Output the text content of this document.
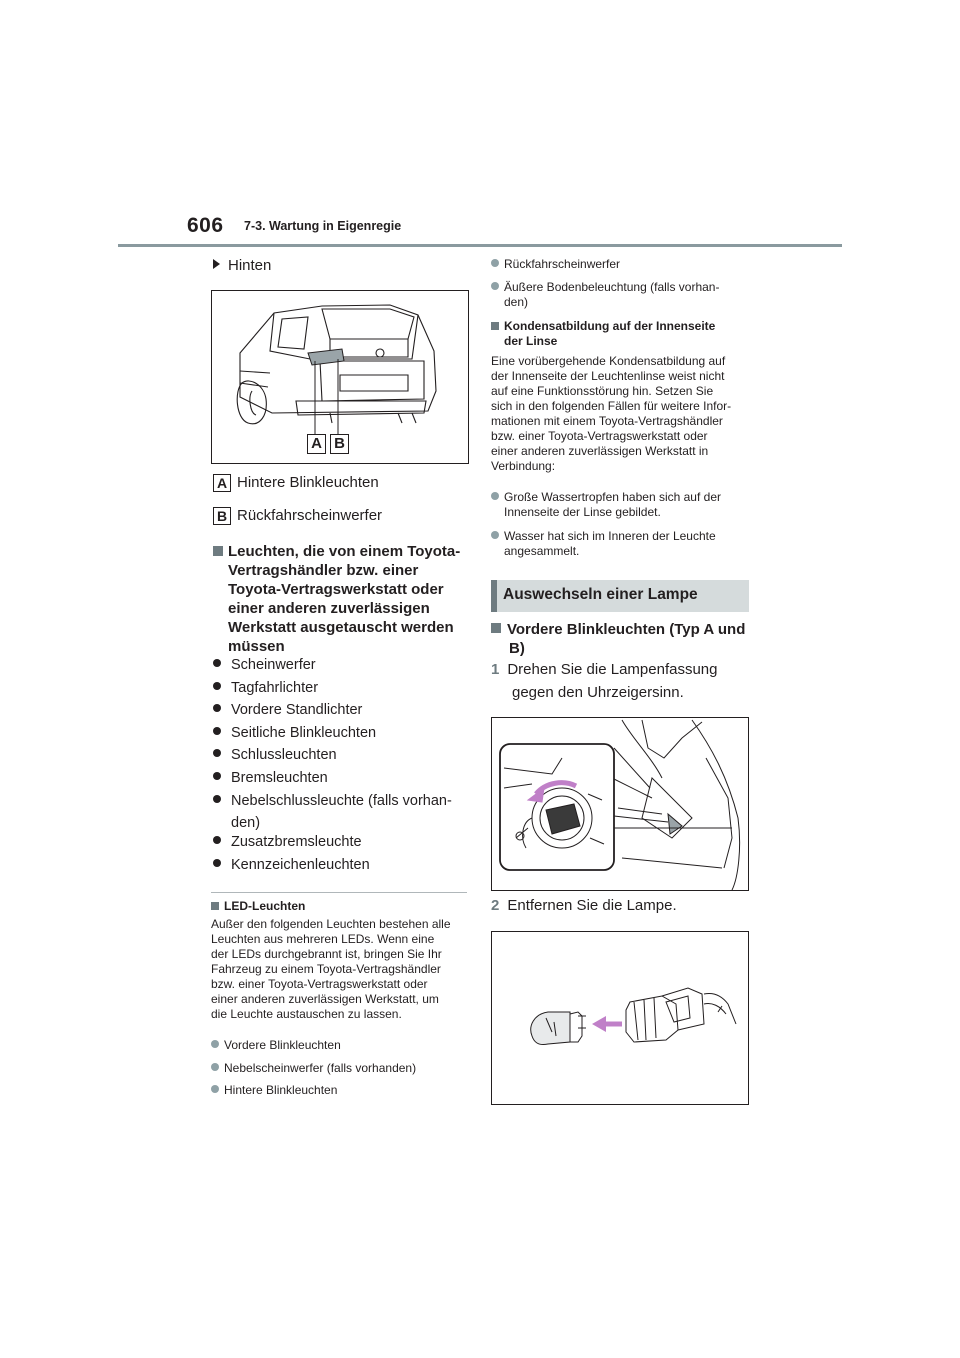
606 7-3. Wartung in Eigenregie
Hinten
A B
A Hintere Blinkleuchten
B Rückfahrscheinwerfer
Leuchten, die von einem Toyota-
Vertragshändler bzw. einer
Toyota-Vertragswerkstatt oder
einer anderen zuverlässigen
Werkstatt ausgetauscht werden
müssen
Scheinwerfer
Tagfahrlichter
Vordere Standlichter
Seitliche Blinkleuchten
Schlussleuchten
Bremsleuchten
Nebelschlussleuchte (falls vorhan-
den)
Zusatzbremsleuchte
Kennzeichenleuchten
LED-Leuchten
Außer den folgenden Leuchten bestehen alle
Leuchten aus mehreren LEDs. Wenn eine
der LEDs durchgebrannt ist, bringen Sie Ihr
Fahrzeug zu einem Toyota-Vertragshändler
bzw. einer Toyota-Vertragswerkstatt oder
einer anderen zuverlässigen Werkstatt, um
die Leuchte austauschen zu lassen.
Vordere Blinkleuchten
Nebelscheinwerfer (falls vorhanden)
Hintere Blinkleuchten
Rückfahrscheinwerfer
Äußere Bodenbeleuchtung (falls vorhan-
den)
Kondensatbildung auf der Innenseite
der Linse
Eine vorübergehende Kondensatbildung auf
der Innenseite der Leuchtenlinse weist nicht
auf eine Funktionsstörung hin. Setzen Sie
sich in den folgenden Fällen für weitere Infor-
mationen mit einem Toyota-Vertragshändler
bzw. einer Toyota-Vertragswerkstatt oder
einer anderen zuverlässigen Werkstatt in
Verbindung:
Große Wassertropfen haben sich auf der
Innenseite der Linse gebildet.
Wasser hat sich im Inneren der Leuchte
angesammelt.
Auswechseln einer Lampe
Vordere Blinkleuchten (Typ A und
B)
1 Drehen Sie die Lampenfassung
gegen den Uhrzeigersinn.
2 Entfernen Sie die Lampe.
